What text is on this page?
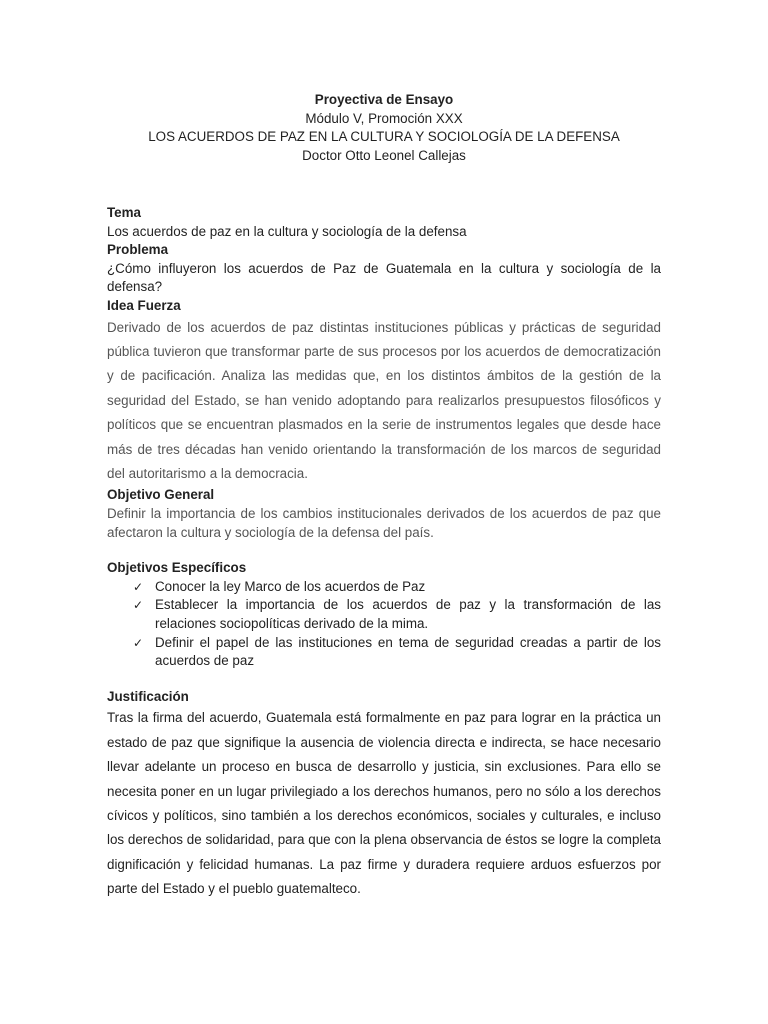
Proyectiva de Ensayo
Módulo V, Promoción XXX
LOS ACUERDOS DE PAZ EN LA CULTURA Y SOCIOLOGÍA DE LA DEFENSA
Doctor Otto Leonel Callejas
Tema
Los acuerdos de paz en la cultura y sociología de la defensa
Problema
¿Cómo influyeron los acuerdos de Paz de Guatemala en la cultura y sociología de la defensa?
Idea Fuerza
Derivado de los acuerdos de paz distintas instituciones públicas y prácticas de seguridad pública tuvieron que transformar parte de sus procesos por los acuerdos de democratización y de pacificación. Analiza las medidas que, en los distintos ámbitos de la gestión de la seguridad del Estado, se han venido adoptando para realizarlos presupuestos filosóficos y políticos que se encuentran plasmados en la serie de instrumentos legales que desde hace más de tres décadas han venido orientando la transformación de los marcos de seguridad del autoritarismo a la democracia.
Objetivo General
Definir la importancia de los cambios institucionales derivados de los acuerdos de paz que afectaron la cultura y sociología de la defensa del país.
Objetivos Específicos
✓ Conocer la ley Marco de los acuerdos de Paz
✓ Establecer la importancia de los acuerdos de paz y la transformación de las relaciones sociopolíticas derivado de la mima.
✓ Definir el papel de las instituciones en tema de seguridad creadas a partir de los acuerdos de paz
Justificación
Tras la firma del acuerdo, Guatemala está formalmente en paz para lograr en la práctica un estado de paz que signifique la ausencia de violencia directa e indirecta, se hace necesario llevar adelante un proceso en busca de desarrollo y justicia, sin exclusiones. Para ello se necesita poner en un lugar privilegiado a los derechos humanos, pero no sólo a los derechos cívicos y políticos, sino también a los derechos económicos, sociales y culturales, e incluso los derechos de solidaridad, para que con la plena observancia de éstos se logre la completa dignificación y felicidad humanas. La paz firme y duradera requiere arduos esfuerzos por parte del Estado y el pueblo guatemalteco.
